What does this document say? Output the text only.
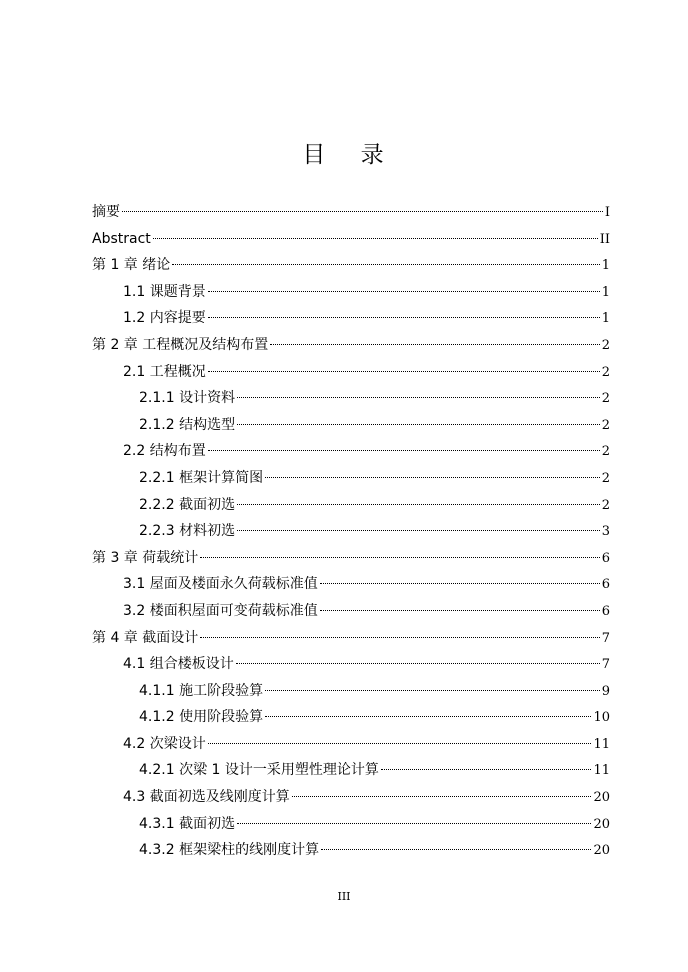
目 录
摘要	I
Abstract	II
第 1 章 绪论	1
1.1 课题背景	1
1.2 内容提要	1
第 2 章 工程概况及结构布置	2
2.1 工程概况	2
2.1.1 设计资料	2
2.1.2 结构选型	2
2.2 结构布置	2
2.2.1 框架计算简图	2
2.2.2 截面初选	2
2.2.3 材料初选	3
第 3 章 荷载统计	6
3.1 屋面及楼面永久荷载标准值	6
3.2 楼面积屋面可变荷载标准值	6
第 4 章 截面设计	7
4.1 组合楼板设计	7
4.1.1 施工阶段验算	9
4.1.2 使用阶段验算	10
4.2 次梁设计	11
4.2.1 次梁 1 设计一采用塑性理论计算	11
4.3 截面初选及线刚度计算	20
4.3.1 截面初选	20
4.3.2 框架梁柱的线刚度计算	20
III
